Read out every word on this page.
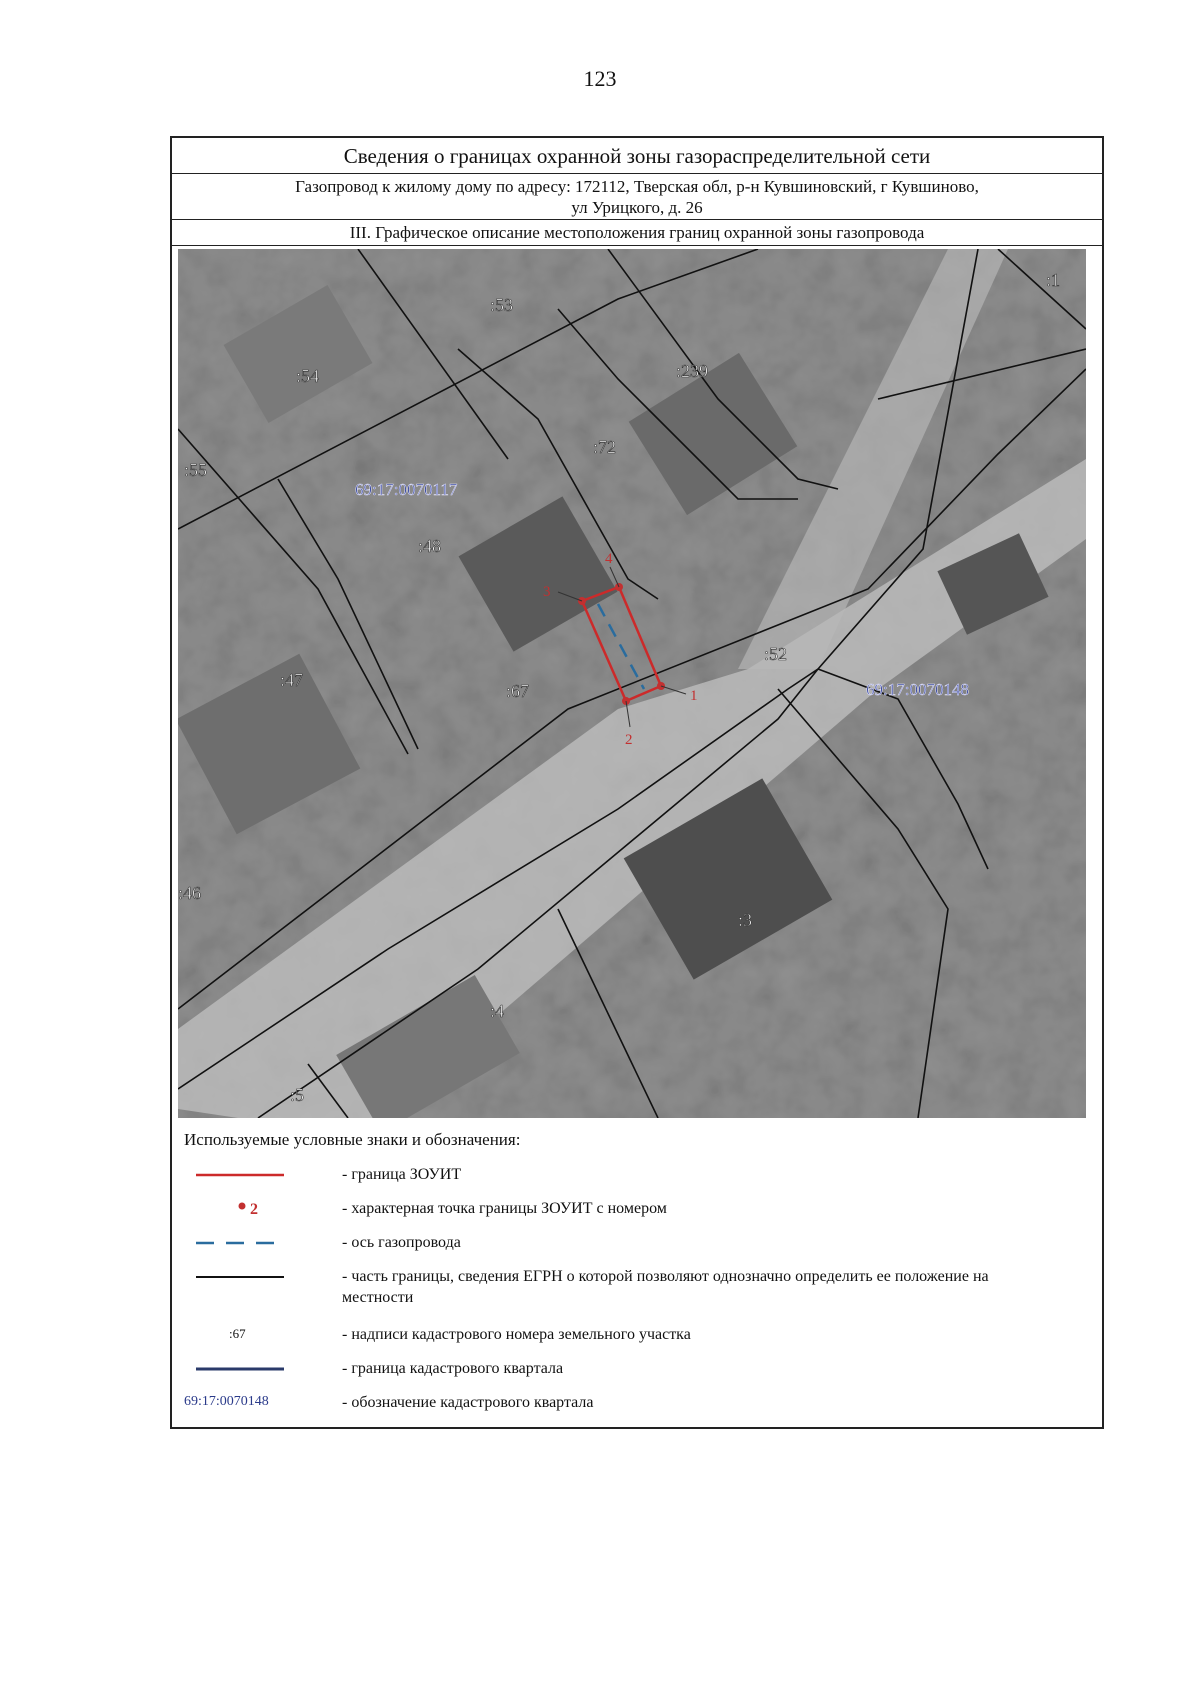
123
Сведения о границах охранной зоны газораспределительной сети
Газопровод к жилому дому по адресу: 172112, Тверская обл, р-н Кувшиновский, г Кувшиново,
ул Урицкого, д. 26
III. Графическое описание местоположения границ охранной зоны газопровода
1
2
3
4
:1
:53
:54	:239
:72
:55
:48
:47
:67
:52
:46
:3
:4
:5
69:17:0070117
69:17:0070148
Используемые условные знаки и обозначения:
- граница ЗОУИТ
2	- характерная точка границы ЗОУИТ с номером
- ось газопровода
- часть границы, сведения ЕГРН о которой позволяют однозначно определить ее положение на местности
:67	- надписи кадастрового номера земельного участка
- граница кадастрового квартала
69:17:0070148	- обозначение кадастрового квартала
